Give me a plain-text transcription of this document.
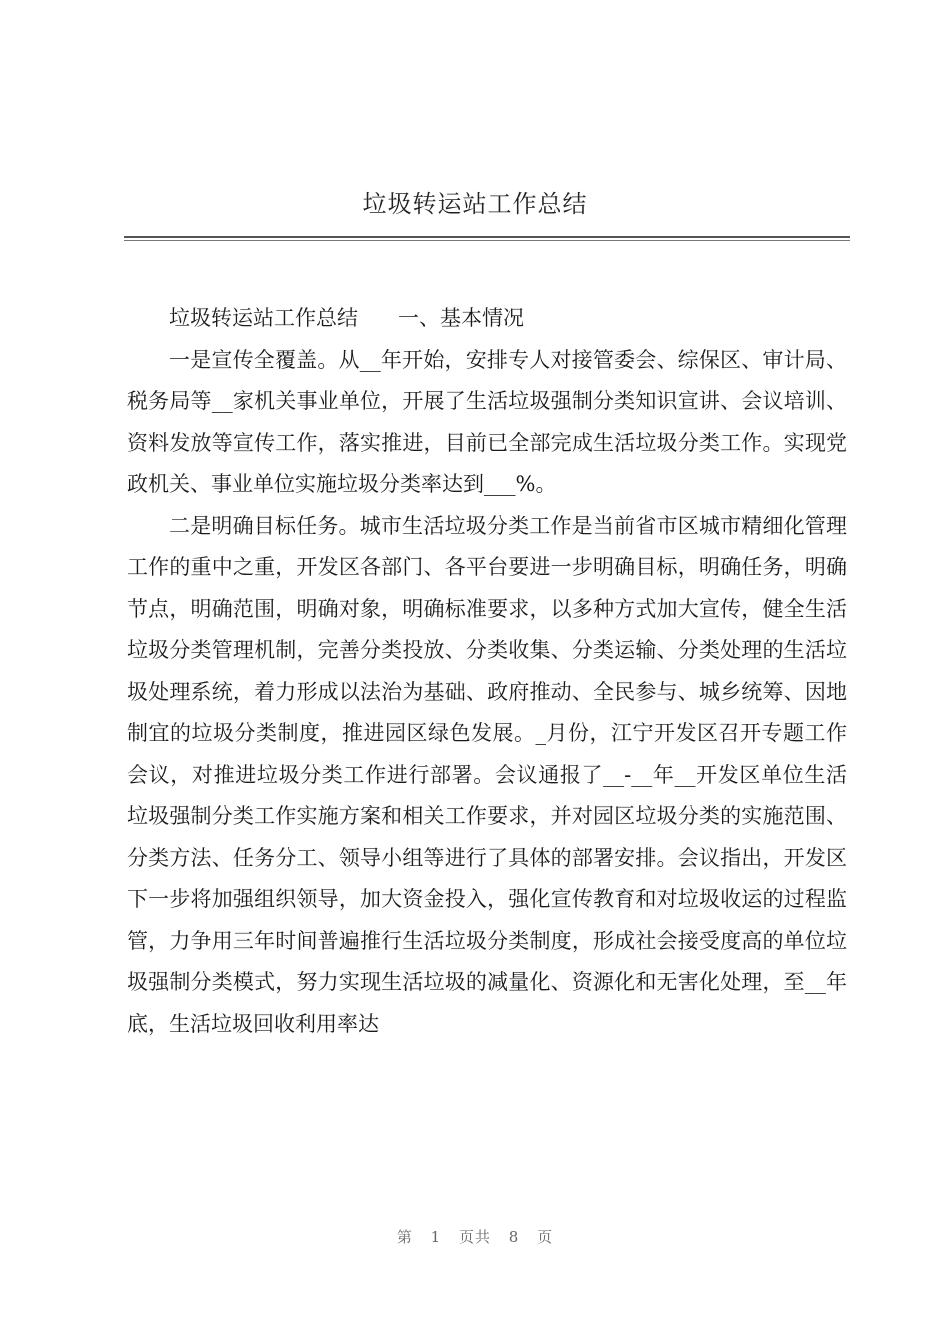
垃圾转运站工作总结

垃圾转运站工作总结 一、基本情况

一是宣传全覆盖。从__年开始，安排专人对接管委会、综保区、审计局、税务局等__家机关事业单位，开展了生活垃圾强制分类知识宣讲、会议培训、资料发放等宣传工作，落实推进，目前已全部完成生活垃圾分类工作。实现党政机关、事业单位实施垃圾分类率达到___%。

二是明确目标任务。城市生活垃圾分类工作是当前省市区城市精细化管理工作的重中之重，开发区各部门、各平台要进一步明确目标，明确任务，明确节点，明确范围，明确对象，明确标准要求，以多种方式加大宣传，健全生活垃圾分类管理机制，完善分类投放、分类收集、分类运输、分类处理的生活垃圾处理系统，着力形成以法治为基础、政府推动、全民参与、城乡统筹、因地制宜的垃圾分类制度，推进园区绿色发展。_月份，江宁开发区召开专题工作会议，对推进垃圾分类工作进行部署。会议通报了__-__年__开发区单位生活垃圾强制分类工作实施方案和相关工作要求，并对园区垃圾分类的实施范围、分类方法、任务分工、领导小组等进行了具体的部署安排。会议指出，开发区下一步将加强组织领导，加大资金投入，强化宣传教育和对垃圾收运的过程监管，力争用三年时间普遍推行生活垃圾分类制度，形成社会接受度高的单位垃圾强制分类模式，努力实现生活垃圾的减量化、资源化和无害化处理，至__年底，生活垃圾回收利用率达

第 1 页共 8 页
